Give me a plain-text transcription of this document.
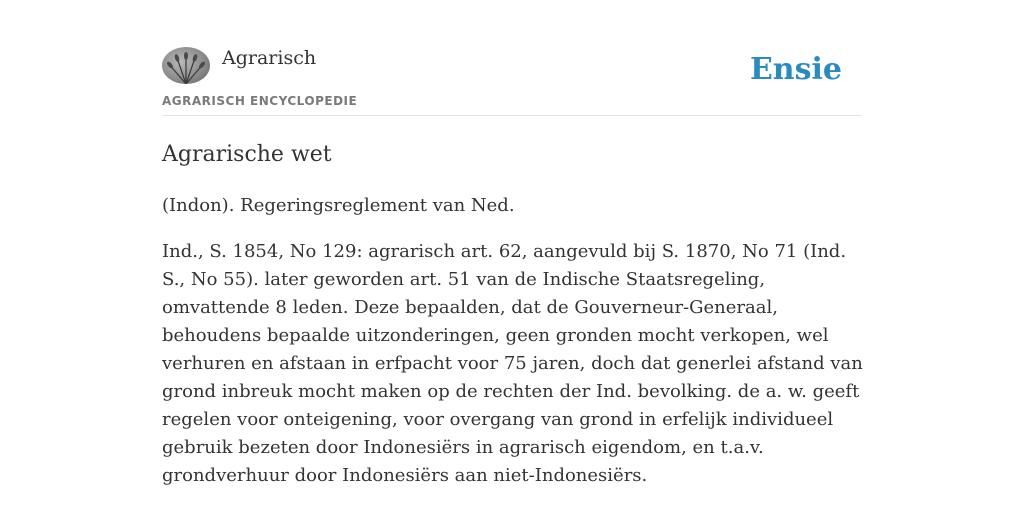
Agrarisch
AGRARISCH ENCYCLOPEDIE
Ensie
Agrarische wet

(Indon). Regeringsreglement van Ned.

Ind., S. 1854, No 129: agrarisch art. 62, aangevuld bij S. 1870, No 71 (Ind. S., No 55). later geworden art. 51 van de Indische Staatsregeling, omvattende 8 leden. Deze bepaalden, dat de Gouverneur-Generaal, behoudens bepaalde uitzonderingen, geen gronden mocht verkopen, wel verhuren en afstaan in erfpacht voor 75 jaren, doch dat generlei afstand van grond inbreuk mocht maken op de rechten der Ind. bevolking. de a. w. geeft regelen voor onteigening, voor overgang van grond in erfelijk individueel gebruik bezeten door Indonesiërs in agrarisch eigendom, en t.a.v. grondverhuur door Indonesiërs aan niet-Indonesiërs.
